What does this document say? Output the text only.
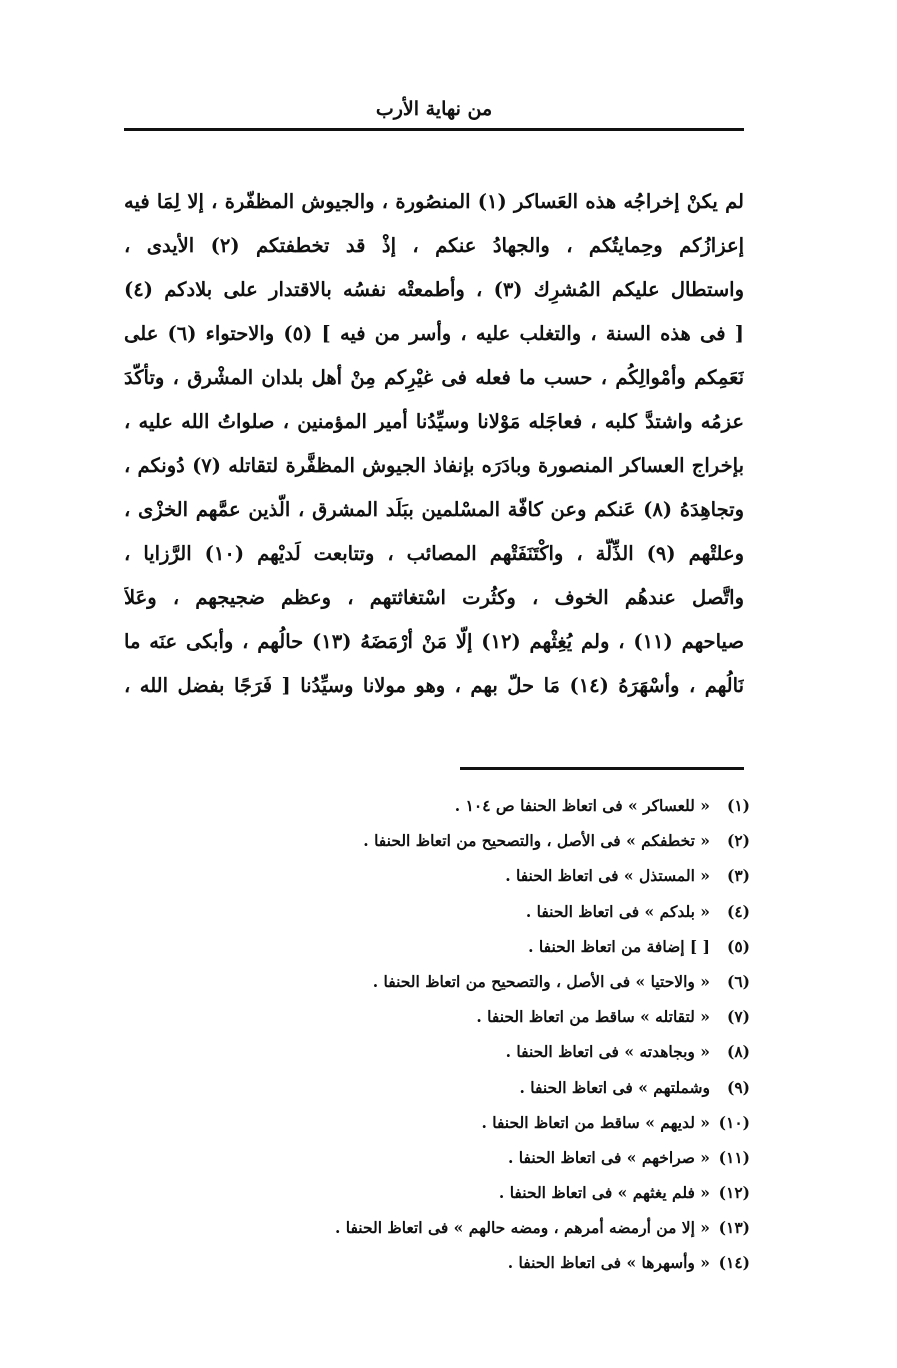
من نهاية الأرب
لم يكنْ إخراجُه هذه العَساكر (١) المنصُورة ، والجيوش المظفّرة ، إلا لِمَا فيه
إعزازُكم وحِمايتُكم ، والجهادُ عنكم ، إذْ قد تخطفتكم (٢) الأيدى ،
واستطال عليكم المُشرِك (٣) ، وأطمعتْه نفسُه بالاقتدار على بلادكم (٤)
[ فى هذه السنة ، والتغلب عليه ، وأسر من فيه ] (٥) والاحتواء (٦) على
نَعَمِكم وأمْوالِكُم ، حسب ما فعله فى غيْرِكم مِنْ أهل بلدان المشْرق ، وتأكّدَ
عزمُه واشتدَّ كلبه ، فعاجَله مَوْلانا وسيِّدُنا أمير المؤمنين ، صلواتُ الله عليه ،
بإخراج العساكر المنصورة وبادَرَه بإنفاذ الجيوش المظفَّرة لتقاتله (٧) دُونكم ،
وتجاهِدَهُ (٨) عَنكم وعن كافّة المسْلمين ببَلَد المشرق ، الّذين عمَّهم الخزْى ،
وعلتْهم (٩) الذِّلّة ، واكْتَنَفَتْهم المصائب ، وتتابعت لَديْهم (١٠) الرَّزايا ،
واتَّصل عندهُم الخوف ، وكثُرت اسْتغاثتهم ، وعظم ضجيجهم ، وعَلاَ
صياحهم (١١) ، ولم يُغِثْهم (١٢) إلّا مَنْ أرْمَضَهُ (١٣) حالُهم ، وأبكى عنَه ما
نَالُهم ، وأسْهَرَهُ (١٤) مَا حلّ بهم ، وهو مولانا وسيِّدُنا [ فَرَجًا بفضل الله ،
(١)« للعساكر » فى اتعاظ الحنفا ص ١٠٤ .
(٢)« تخطفكم » فى الأصل ، والتصحيح من اتعاظ الحنفا .
(٣)« المستذل » فى اتعاظ الحنفا .
(٤)« بلدكم » فى اتعاظ الحنفا .
(٥)[ ] إضافة من اتعاظ الحنفا .
(٦)« والاحتيا » فى الأصل ، والتصحيح من اتعاظ الحنفا .
(٧)« لتقاتله » ساقط من اتعاظ الحنفا .
(٨)« وبجاهدته » فى اتعاظ الحنفا .
(٩)وشملتهم » فى اتعاظ الحنفا .
(١٠)« لديهم » ساقط من اتعاظ الحنفا .
(١١)« صراخهم » فى اتعاظ الحنفا .
(١٢)« فلم يغثهم » فى اتعاظ الحنفا .
(١٣)« إلا من أرمضه أمرهم ، ومضه حالهم » فى اتعاظ الحنفا .
(١٤)« وأسهرها » فى اتعاظ الحنفا .
